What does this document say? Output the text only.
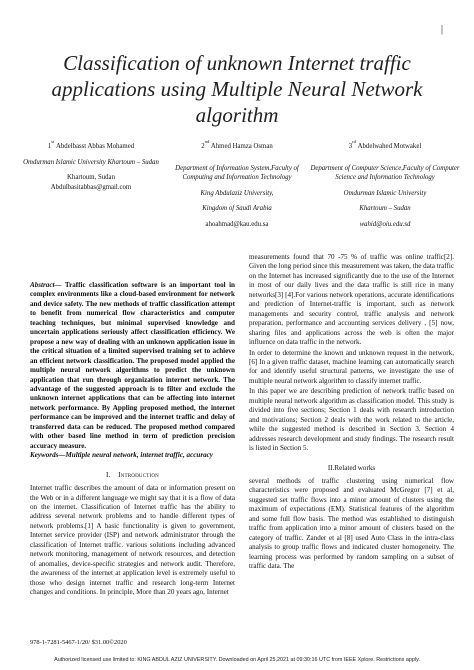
|
Classification of unknown Internet traffic applications using Multiple Neural Network algorithm
1st Abdelbasst Abbas Mohamed
Omdurman Islamic University Khartoum – Sudan
Khartoum, Sudan
Abdulbasitabbas@gmail.com
2nd Ahmed Hamza Osman
Department of Information System,Faculty of Computing and Information Technology
King Abdulaziz University,
Kingdom of Saudi Arabia
ahoahmad@kau.edu.sa
3rd Abdelwahed Motwakel
Department of Computer Science,Faculty of Computer Science and Information Technology
Omdurman Islamic University
Khartoum – Sudan
wahid@oiu.edu.sd

Abstract— Traffic classification software is an important tool in complex environments like a cloud-based environment for network and device safety. The new methods of traffic classification attempt to benefit from numerical flow characteristics and computer teaching techniques, but minimal supervised knowledge and uncertain applications seriously affect classification efficiency. We propose a new way of dealing with an unknown application issue in the critical situation of a limited supervised training set to achieve an efficient network classification. The proposed model applied the multiple neural network algorithms to predict the unknown application that run through organization internet network. The advantage of the suggested approach is to filter and exclude the unknown internet applications that can be affecting into internet network performance. By Appling proposed method, the internet performance can be improved and the internet traffic and delay of transferred data can be reduced. The proposed method compared with other based line method in term of prediction precision accuracy measure.

Keywords—Multiple neural network, internet traffic, accuracy

I. Introduction

Internet traffic describes the amount of data or information present on the Web or in a different language we might say that it is a flow of data on the internet. Classification of Internet traffic has the ability to address several network problems and to handle different types of network problems.[1] A basic functionality is given to government, Internet service provider (ISP) and network administrator through the classification of Internet traffic. various solutions including advanced network monitoring, management of network resources, and detection of anomalies, device-specific strategies and network audit. Therefore, the awareness of the internet at application level is extremely useful to those who design internet traffic and research long-term Internet changes and conditions. In principle, More than 20 years ago, Internet

measurements found that 70 -75 % of traffic was online traffic[2]. Given the long period since this measurement was taken, the data traffic on the Internet has increased significantly due to the use of the Internet in most of our daily lives and the data traffic is still rice in many networks[3] [4].For various network operations, accurate identifications and prediction of Internet-traffic is important, such as network managements and security control, traffic analysis and network preparation, performance and accounting services delivery , [5] now, sharing files and applications across the web is often the major influence on data traffic in the network.

In order to determine the known and unknown request in the network, [6] In a given traffic dataset, machine learning can automatically search for and identify useful structural patterns, we investigate the use of multiple neural network algorithm to classify internet traffic.

In this paper we are describing prediction of network traffic based on multiple neural network algorithm as classification model. This study is divided into five sections; Section 1 deals with research introduction and motivations; Section 2 deals with the work related to the article, while the suggested method is described in Section 3. Section 4 addresses research development and study findings. The research result is listed in Section 5.

II.Related works

several methods of traffic clustering using numerical flow characteristics were proposed and evaluated McGregor [7] et al, suggested set traffic flows into a minor amount of clusters using the maximum of expectations (EM). Statistical features of the algorithm and some full flow basis. The method was established to distinguish traffic from application into a minor amount of clusters based on the category of traffic. Zander et al [8] used Auto Class in the intra-class analysis to group traffic flows and indicated cluster homogeneity. The learning process was performed by random sampling on a subset of traffic data. The

978-1-7281-5467-1/20/ $31.00©2020
Authorized licensed use limited to: KING ABDUL AZIZ UNIVERSITY. Downloaded on April 25,2021 at 09:30:16 UTC from IEEE Xplore. Restrictions apply.
